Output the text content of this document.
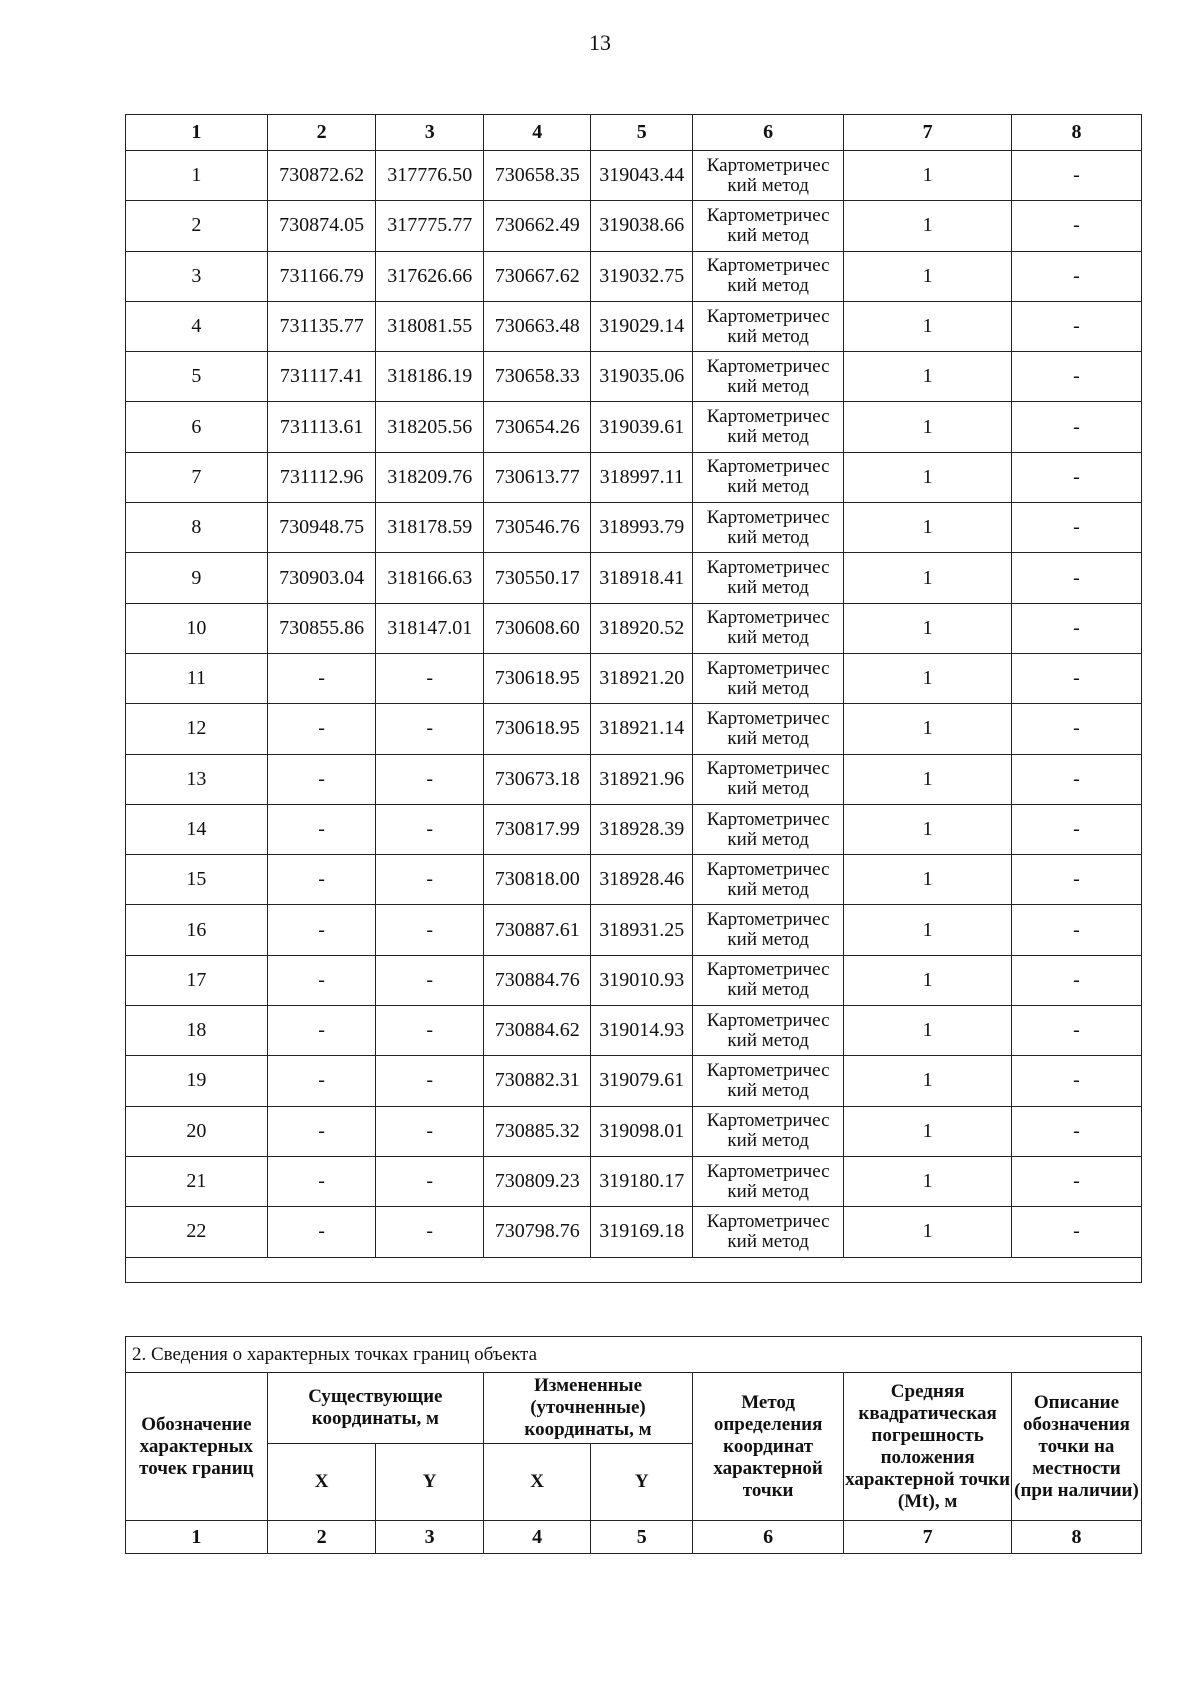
13
1	2	3	4	5	6	7	8
1	730872.62	317776.50	730658.35	319043.44	Картометричес кий метод	1	-
2	730874.05	317775.77	730662.49	319038.66	Картометричес кий метод	1	-
3	731166.79	317626.66	730667.62	319032.75	Картометричес кий метод	1	-
4	731135.77	318081.55	730663.48	319029.14	Картометричес кий метод	1	-
5	731117.41	318186.19	730658.33	319035.06	Картометричес кий метод	1	-
6	731113.61	318205.56	730654.26	319039.61	Картометричес кий метод	1	-
7	731112.96	318209.76	730613.77	318997.11	Картометричес кий метод	1	-
8	730948.75	318178.59	730546.76	318993.79	Картометричес кий метод	1	-
9	730903.04	318166.63	730550.17	318918.41	Картометричес кий метод	1	-
10	730855.86	318147.01	730608.60	318920.52	Картометричес кий метод	1	-
11	-	-	730618.95	318921.20	Картометричес кий метод	1	-
12	-	-	730618.95	318921.14	Картометричес кий метод	1	-
13	-	-	730673.18	318921.96	Картометричес кий метод	1	-
14	-	-	730817.99	318928.39	Картометричес кий метод	1	-
15	-	-	730818.00	318928.46	Картометричес кий метод	1	-
16	-	-	730887.61	318931.25	Картометричес кий метод	1	-
17	-	-	730884.76	319010.93	Картометричес кий метод	1	-
18	-	-	730884.62	319014.93	Картометричес кий метод	1	-
19	-	-	730882.31	319079.61	Картометричес кий метод	1	-
20	-	-	730885.32	319098.01	Картометричес кий метод	1	-
21	-	-	730809.23	319180.17	Картометричес кий метод	1	-
22	-	-	730798.76	319169.18	Картометричес кий метод	1	-

2. Сведения о характерных точках границ объекта							
Обозначение характерных точек границ	Существующие координаты, м		Измененные (уточненные) координаты, м		Метод определения координат характерной точки	Средняя квадратическая погрешность положения характерной точки (Mt), м	Описание обозначения точки на местности (при наличии)
	X	Y	X	Y			
1	2	3	4	5	6	7	8
